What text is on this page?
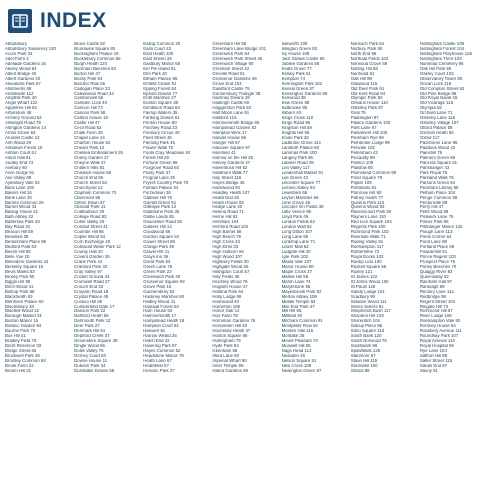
INDEX
Abbotsbury
Abbotsbury Swannery 120
Acorn Park 34
Adel Farm 2
Adelaide Gardens 16
Akeley Wood 64
Albert Bridge 40
Albert Gardens 20
Alexandra Park 67
Allotments 68
Ambleside 112
Ampthill Park 40
Angel Wharf 122
Appletree Hill 62
Arboretum 48
Archery Ground 54
Arkwright Road 79
Arlington Gardens 14
Arnos Grove 63
Arundel Castle 12
Ash Wood 29
Ashdown Forest 16
Ashton Court 61
Aston Hall 81
Audley End 74
Avebury 60
Avon Gorge 91
Axe Valley 89
Aylesbury Vale 34
Back Lane 100
Bakers Hill 34
Bank Lane 20
Barnes Common 26
Barnet Wood 43
Basing House 21
Bath Abbey 32
Battersea Park 43
Bay Road 31
Beacon Hill 59
Bearsted 38
Beckenham Place 95
Bedford Park 63
Beech Hill 80
Belle Vue 20
Belvedere Gardens 44
Berkeley Square 15
Bevis Marks 63
Bexley Park 90
Biggin Hill 95
Birch Wood 41
Bishop Park 58
Blackheath 63
Blenheim Palace 60
Bloomsbury 33
Bluebell Wood 12
Borough Market 31
Boston Manor 15
Botanic Garden 94
Bourne Park 70
Box Hill 41
Bradley Field 76
Brent Reservoir 33
Bridge Street 66
Brockwell Park 48
Bromley Common 84
Brook Farm 22
Broom Hill 21
Bruce Castle 82
Brunswick Square 80
Buckingham Palace 19
Bucklebury Common 68
Burgh Heath 120
Burnham Beeches 63
Burton Hill 47
Bushy Park 64
Butcher Row 55
Cadogan Place 33
Caledonian Road 34
Camberwell 56
Camden Lock 40
Cannon Hill 73
Canons Park 58
Carlton House 19
Castle Hill 47
Cecil Road 62
Chalk Farm 26
Chapel Lane 44
Charlton House 62
Cheam Park 12
Chelsea Embankment 26
Cherry Garden 27
Cheyne Walk 27
Chiltern Hills 81
Chiswick House 58
Church End 95
Church Street 53
Churchyard 14
Clapham Common 70
Claremont 56
Clifton Down 67
Clissold Park 41
Coldharbour 28
College Road 83
Colne Valley 25
Conduit Street 41
Coombe Hill 65
Copse Wood 54
Corn Exchange 40
Cotswold Water Park 12
County Hall 20
Covent Garden 26
Crane Park 44
Cranford Park 33
Cray Valley 97
Cricket Ground 44
Cromwell Road 27
Crouch End 33
Croydon Road 18
Crystal Palace 49
Cuckoo Hill 80
Cumberland Gate 17
Danson Park 22
Dartford Heath 66
Dartmouth Park 12
Deer Park 27
Denmark Hill 64
Deptford Creek 37
Devonshire Square 48
Dingle Wood 66
Dollis Valley 75
Dorney Court 60
Downe House 11
Dulwich Park 34
Dunstable Downs 58
Ealing Common 20
Earls Court 43
East Heath 100
East Sheen 26
Eastbury Manor 68
Eel Pie Island 51
Elm Park 40
Eltham Palace 85
Enfield Chase 91
Epping Forest 64
Epsom Downs 77
Erith Marshes 27
Euston Square 38
Exhibition Road 63
Fairlop Waters 35
Farthing Downs 91
Fenton House 80
Finchley Road 23
Finsbury Circus 40
Fleet Street 46
Fleming Park 45
Flower Walk 75
Foots Cray Meadows 92
Forest Hill 29
Fortune Green 88
Foxgrove Road 60
Friary Park 37
Frognal Lane 25
Fryent Country Park 70
Fulham Palace 54
Furzedown 26
Gallows Hill 76
Garratt Green 51
Gillespie Park 12
Gladstone Park 35
Glebe Lands 85
Gloucester Road 55
Golders Hill 14
Goodwood 56
Gordon Square 84
Gower Street 65
Grange Park 49
Gravel Hill 41
Grays Inn 36
Great Park 53
Green Lane 76
Green Park 22
Greenwich Park 40
Grosvenor Square 92
Grove Park 16
Gunnersbury 62
Hackney Marshes 60
Hadley Wood 41
Hainault Forest 63
Ham House 50
Hammersmith 17
Hampstead Heath 18
Hampton Court 82
Hanwell 16
Harrow Weald 26
Hatch End 42
Havering Park 87
Hayes Common 52
Headstone Manor 78
Heath Lane 67
Heathfield 57
Hendon Park 27
Greenham Hill 55
Greenham Lane Bridge 101
Greenwich Park 54
Greenwich Park Street 45
Greenwich Village 90
Gresham Street 42
Greville Road 51
Grosvenor Gardens 49
Grove End 104
Guildford Castle 75
Gunnersbury Triangle 38
Hackney Downs 26
Hadleigh Castle 60
Haggerston Park 53
Half Moon Lane 91
Halliford 115
Hammersmith Bridge 95
Hampstead Garden 82
Hampton Wick 17
Handel House 86
Hanger Hill 57
Hanover Square 97
Harefield 41
Harrow on the Hill 26
Harvey Gardens 27
Haverstock Hill 62
Hawthorn Walk 77
Hay Street 118
Hayes Bridge 45
Hazelwood 94
Headley Heath 107
Heath End 25
Heath House 83
Hedge Lane 30
Helena Road 71
Herne Hill 92
Hersham 104
Hertford Road 102
High Barnet 66
High Beech 79
High Cross 43
High Elms 33
High Holborn 94
High Wood 107
Highbury Fields 30
Highgate Wood 60
Hillingdon Court 57
Hilly Fields 35
Hinchley Wood 76
Hogarth House 47
Holland Park 64
Holly Lodge 68
Holmwood 40
Homerton 108
Honor Oak 14
Hoo Farm 78
Horniman Gardens 76
Horsenden Hill 33
Hounslow Heath 47
Hoxton Square 86
Hurlingham 79
Hyde Park 94
Ickenham 58
Ilford Lane 60
Imperial Wharf 90
Inner Temple 99
Island Gardens 69
Isleworth 108
Islington Green 83
Ivy House 108
Jack Straws Castle 56
Jubilee Gardens 66
Keats Grove 77
Kelsey Park 61
Kempton 74
Kennington Park 102
Kensal Green 37
Kensington Gardens 98
Kenwood 38
Kew Green 88
Kidbrooke 85
Kilburn 40
Kings Cross 110
Kings Road 96
Kingston Hill 59
Knights Hill 55
Knole Park 26
Ladbroke Grove 114
Lambeth Palace 60
Lammas Park 100
Langley Park 86
Latimer Road 39
Lea Valley 117
Leadenhall Market 91
Lee Green 42
Leicester Square 77
Lesnes Abbey 93
Lewisham 56
Leyton Marshes 66
Lime Grove 46
Lincolns Inn Fields 38
Little Venice 95
Lloyd Park 45
London Fields 62
London Wall 53
Long Ditton 107
Long Lane 95
Lordship Lane 71
Lower Mall 63
Ludgate Hill 40
Lyle Park 103
Maida Vale 107
Manor House 80
Maple Cross 27
Marble Hill 58
Marsh Lane 74
Marylebone 65
Mayesbrook Park 92
Merton Abbey 109
Middle Temple 84
Mile End Park 47
Mill Hill 65
Millfield 40
Mitcham Common 91
Montpelier Row 54
Morden Hall 115
Mortlake 36
Mount Pleasant 74
Muswell Hill 56
Nags Head 113
Neasden 46
Nelson Square 51
New Cross 108
Newington Green 87
Nonsuch Park 54
Norbury Park 90
North End 96
Northala Fields 102
Norwood Grove 68
Notting Hill 68
Nunhead 81
Oak Hill 99
Oakwood 115
Old Deer Park 91
Old Kent Road 94
Olympic Park 60
Orleans House 110
Osterley Park 87
Oval 75
Paddington 97
Palace Gardens 100
Park Lane 67
Parliament Hill 105
Peckham Rye 59
Pembroke Lodge 99
Perivale 102
Petersham 42
Piccadilly 89
Pimlico 109
Plaistow 80
Plumstead Common 98
Pond Square 79
Poplar 109
Portobello 91
Primrose Hill 90
Putney Heath 77
Queens Park 110
Queens Wood 93
Ravenscourt Park 90
Rayners Lane 110
Red Lion Square 104
Regents Park 100
Richmond Park 102
Riverside Walk 71
Roding Valley 91
Roehampton 117
Rotherhithe 72
Royal Docks 102
Ruislip Lido 100
Russell Square 66
Ruxley 121
St James 122
St Johns Wood 106
St Pauls 126
Sandy Lodge 101
Scadbury 90
Selsdon Wood 111
Seven Sisters 81
Shepherds Bush 117
Shooters Hill 103
Shoreditch 104
Sidcup Place 96
Soho Square 113
South Bank 120
South Norwood 79
Southwark 96
Spitalfields 126
Stanmore 67
Stave Hill 115
Stockwell 100
Strand 88
Nottingham Castle 109
Nottingham Forest 104
Nottingham Playhouse 126
Nottingham Trent 103
Nunhead Cemetery 96
Oak Hill Park 59
Oakley Court 103
Observatory Tower 80
Ocean Lock 118
Old Compton Street 62
Old Pine Bridge 88
Old Royal Naval 45
Old Vicarage 115
Olympia 92
Orchard Lane 71
Osterley Lane 116
Osterley Village 107
Otford Palace 58
Oxshott Heath 65
Oxted 117
Packhorse Lane 96
Paddock Wood 42
Painshill 79
Palmers Green 69
Pancras Square 81
Panshanger 43
Park Royal 76
Parkland Walk 75
Parsons Green 54
Peckham Library 85
Pelham Place 104
Penge Common 58
Pentonville 88
Perry Hill 47
Petts Wood 98
Pickwick Lane 76
Pinner Park 96
Pitshanger Manor 125
Plough Lane 113
Poets Corner 64
Pond Lane 88
Portland Place 96
Powdermill 61
Prince Regent 103
Prospect Place 76
Purley Beeches 70
Quaggy River 82
Queensway 52
Rainham Hall 97
Ranelagh 89
Rectory Lane 114
Redbridge 98
Regent Street 104
Reigate Hill 73
Richmond Hill 57
River Lodge 108
Roehampton Vale 92
Romney House 84
Rosebery Avenue 111
Roundhay Park 107
Royal Arsenal 114
Royal Hospital 96
Rye Lane 104
Saffron Hill 89
Salter Street 115
Sands End 87
Savoy 91
